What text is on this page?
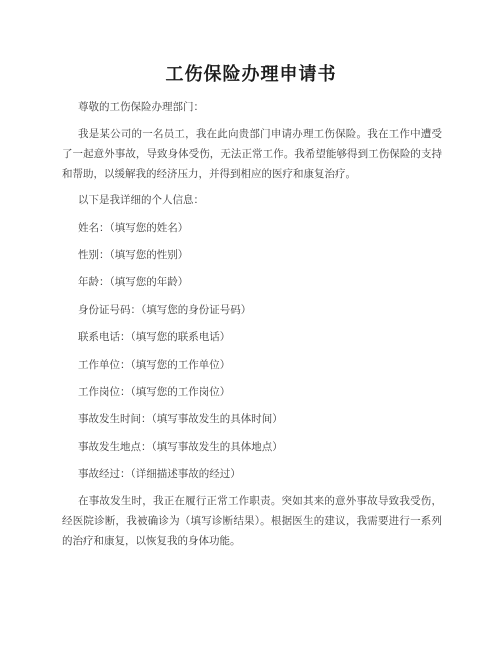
工伤保险办理申请书

尊敬的工伤保险办理部门：

我是某公司的一名员工，我在此向贵部门申请办理工伤保险。我在工作中遭受了一起意外事故，导致身体受伤，无法正常工作。我希望能够得到工伤保险的支持和帮助，以缓解我的经济压力，并得到相应的医疗和康复治疗。

以下是我详细的个人信息：

姓名：（填写您的姓名）

性别：（填写您的性别）

年龄：（填写您的年龄）

身份证号码：（填写您的身份证号码）

联系电话：（填写您的联系电话）

工作单位：（填写您的工作单位）

工作岗位：（填写您的工作岗位）

事故发生时间：（填写事故发生的具体时间）

事故发生地点：（填写事故发生的具体地点）

事故经过：（详细描述事故的经过）

在事故发生时，我正在履行正常工作职责。突如其来的意外事故导致我受伤，经医院诊断，我被确诊为（填写诊断结果）。根据医生的建议，我需要进行一系列的治疗和康复，以恢复我的身体功能。
